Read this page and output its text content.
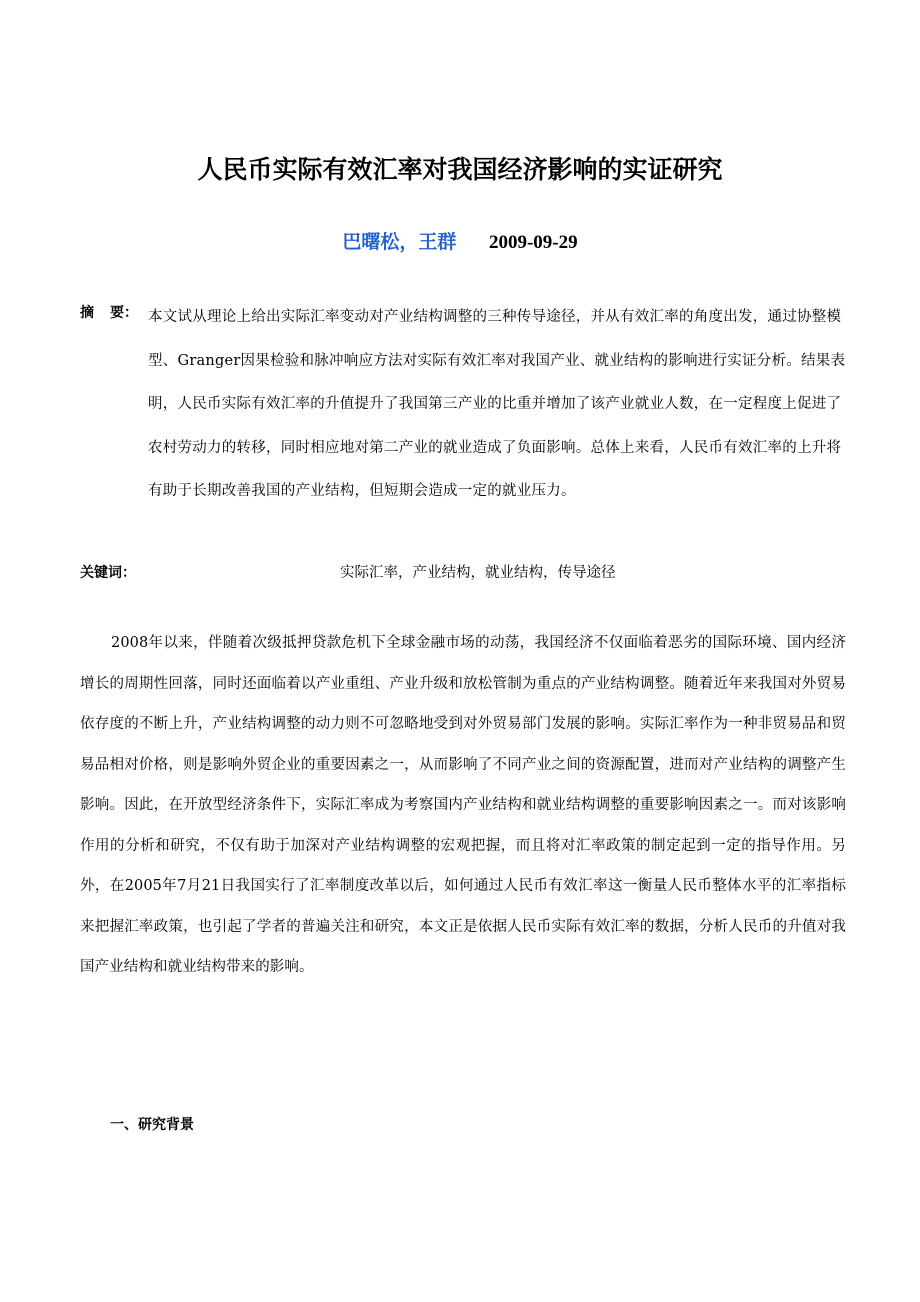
人民币实际有效汇率对我国经济影响的实证研究
巴曙松，王群 2009-09-29
摘 要： 本文试从理论上给出实际汇率变动对产业结构调整的三种传导途径，并从有效汇率的角度出发，通过协整模型、Granger因果检验和脉冲响应方法对实际有效汇率对我国产业、就业结构的影响进行实证分析。结果表明，人民币实际有效汇率的升值提升了我国第三产业的比重并增加了该产业就业人数，在一定程度上促进了农村劳动力的转移，同时相应地对第二产业的就业造成了负面影响。总体上来看，人民币有效汇率的上升将有助于长期改善我国的产业结构，但短期会造成一定的就业压力。

关键词：	实际汇率，产业结构，就业结构，传导途径

2008年以来，伴随着次级抵押贷款危机下全球金融市场的动荡，我国经济不仅面临着恶劣的国际环境、国内经济增长的周期性回落，同时还面临着以产业重组、产业升级和放松管制为重点的产业结构调整。随着近年来我国对外贸易依存度的不断上升，产业结构调整的动力则不可忽略地受到对外贸易部门发展的影响。实际汇率作为一种非贸易品和贸易品相对价格，则是影响外贸企业的重要因素之一，从而影响了不同产业之间的资源配置，进而对产业结构的调整产生影响。因此，在开放型经济条件下，实际汇率成为考察国内产业结构和就业结构调整的重要影响因素之一。而对该影响作用的分析和研究，不仅有助于加深对产业结构调整的宏观把握，而且将对汇率政策的制定起到一定的指导作用。另外，在2005年7月21日我国实行了汇率制度改革以后，如何通过人民币有效汇率这一衡量人民币整体水平的汇率指标来把握汇率政策，也引起了学者的普遍关注和研究，本文正是依据人民币实际有效汇率的数据，分析人民币的升值对我国产业结构和就业结构带来的影响。

一、研究背景
